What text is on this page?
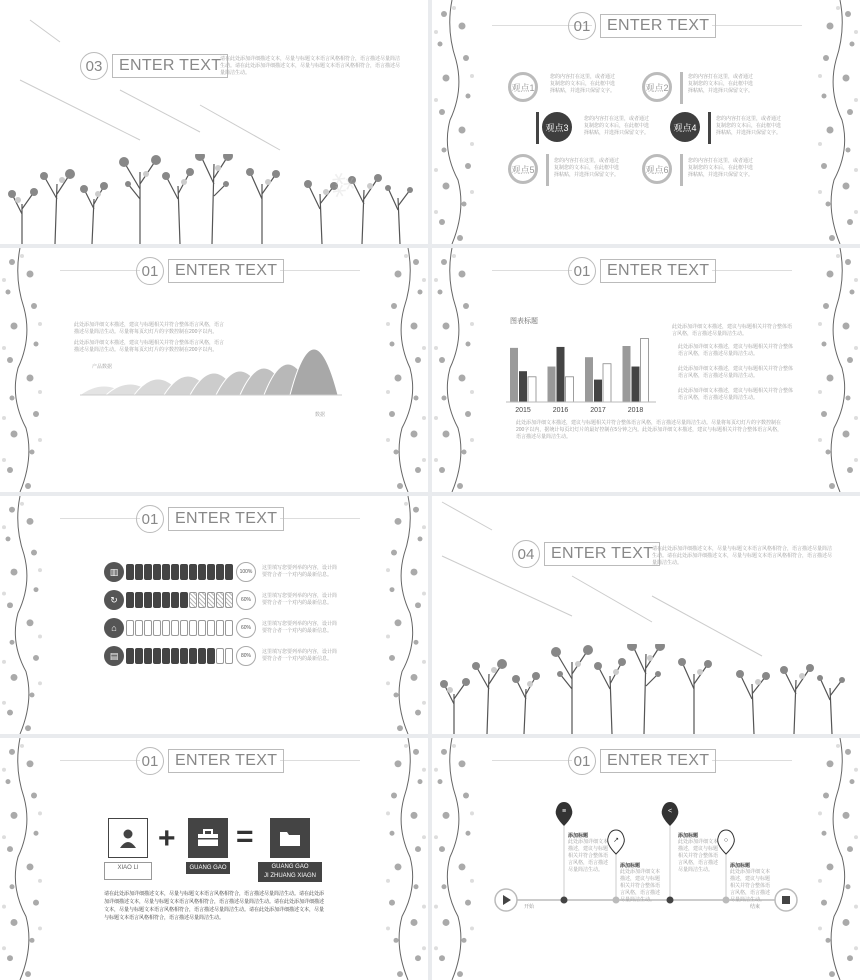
03	ENTER TEXT
请在此处添加详细描述文本，尽量与标题文本语言风格相符合，语言描述尽量简洁生动。请在此处添加详细描述文本，尽量与标题文本语言风格相符合，语言描述尽量简洁生动。
⁂
01	ENTER TEXT
观点1
您的内容打在这里，或者通过复制您的文本后，在此框中选择粘贴，并选择只保留文字。	观点2
您的内容打在这里，或者通过复制您的文本后，在此框中选择粘贴，并选择只保留文字。
观点3
您的内容打在这里，或者通过复制您的文本后，在此框中选择粘贴，并选择只保留文字。
观点4
您的内容打在这里，或者通过复制您的文本后，在此框中选择粘贴，并选择只保留文字。
观点5
您的内容打在这里，或者通过复制您的文本后，在此框中选择粘贴，并选择只保留文字。
观点6
您的内容打在这里，或者通过复制您的文本后，在此框中选择粘贴，并选择只保留文字。
01	ENTER TEXT
此处添加详细文本描述，建议与标题相关并符合整体语言风格，语言描述尽量简洁生动。尽量将每页幻灯片的字数控制在200字以内。
此处添加详细文本描述，建议与标题相关并符合整体语言风格，语言描述尽量简洁生动。尽量将每页幻灯片的字数控制在200字以内。
产品数据
数据
01	ENTER TEXT
图表标题
2015	2016	2017	2018
此处添加详细文本描述，建议与标题相关并符合整体语言风格，语言描述尽量简洁生动。
此处添加详细文本描述，建议与标题相关并符合整体语言风格，语言描述尽量简洁生动。
此处添加详细文本描述，建议与标题相关并符合整体语言风格，语言描述尽量简洁生动。
此处添加详细文本描述，建议与标题相关并符合整体语言风格，语言描述尽量简洁生动。
此处添加详细文本描述，建议与标题相关并符合整体语言风格，语言描述尽量简洁生动。尽量将每页幻灯片的字数控制在200字以内，据统计每页幻灯片的最好控制在5分钟之内。此处添加详细文本描述，建议与标题相关并符合整体语言风格，语言描述尽量简洁生动。
01	ENTER TEXT
▥	100%
这里填写您要列举的内容，设计简要符合者一个对内的最新信息。
↻	60%
这里填写您要列举的内容，设计简要符合者一个对内的最新信息。
⌂	60%
这里填写您要列举的内容，设计简要符合者一个对内的最新信息。
▤	80%
这里填写您要列举的内容，设计简要符合者一个对内的最新信息。
04	ENTER TEXT
请在此处添加详细描述文本，尽量与标题文本语言风格相符合，语言描述尽量简洁生动。请在此处添加详细描述文本，尽量与标题文本语言风格相符合，语言描述尽量简洁生动。
01	ENTER TEXT
XIAO LI
+
GUANG GAO
=
GUANG GAO
JI ZHUANG XIAGN
请在此处添加详细描述文本，尽量与标题文本语言风格相符合，语言描述尽量简洁生动。请在此处添加详细描述文本，尽量与标题文本语言风格相符合，语言描述尽量简洁生动。请在此处添加详细描述文本，尽量与标题文本语言风格相符合，语言描述尽量简洁生动。请在此处添加详细描述文本，尽量与标题文本语言风格相符合，语言描述尽量简洁生动。
01	ENTER TEXT
≡
↗
<
○
开始	结束
添加标题
此处添加详细文本描述，建议与标题相关并符合整体语言风格，语言描述尽量简洁生动。
添加标题
此处添加详细文本描述，建议与标题相关并符合整体语言风格，语言描述尽量简洁生动。
添加标题
此处添加详细文本描述，建议与标题相关并符合整体语言风格，语言描述尽量简洁生动。
添加标题
此处添加详细文本描述，建议与标题相关并符合整体语言风格，语言描述尽量简洁生动。
